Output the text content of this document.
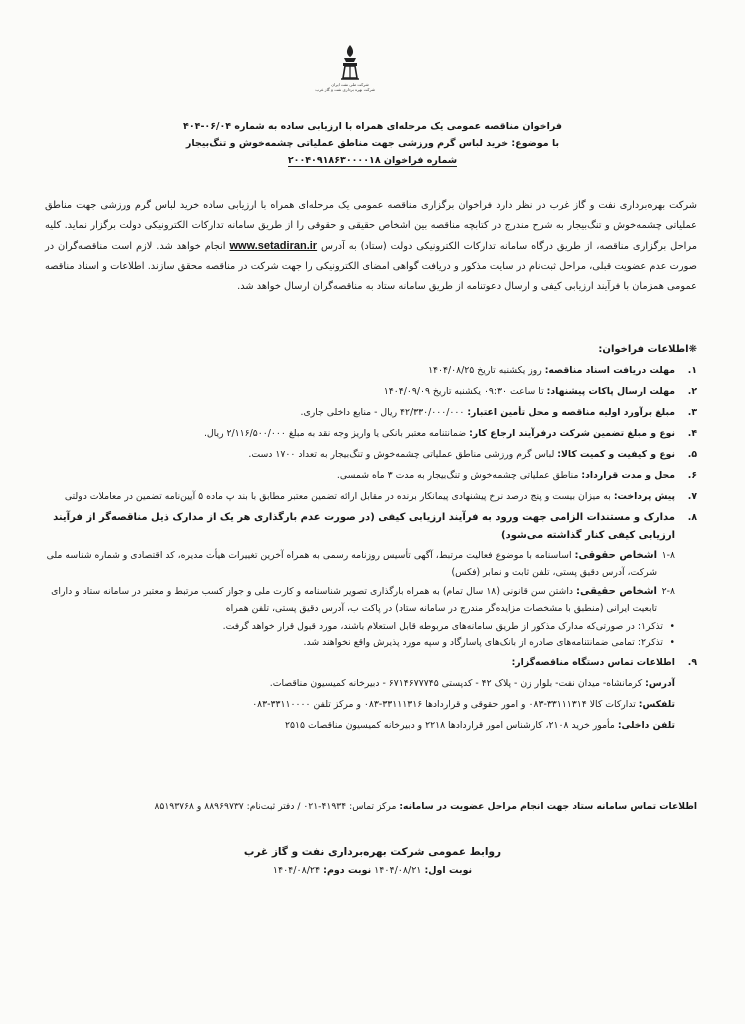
شرکت ملی نفت ایران
شرکت بهره برداری نفت و گاز غرب
فراخوان مناقصه عمومی یک مرحله‌ای همراه با ارزیابی ساده به شماره ۰۶/۰۴-۴۰۴
با موضوع: خرید لباس گرم ورزشی جهت مناطق عملیاتی چشمه‌خوش و تنگ‌بیجار
شماره فراخوان ۲۰۰۴۰۹۱۸۶۳۰۰۰۰۱۸
شرکت بهره‌برداری نفت و گاز غرب در نظر دارد فراخوان برگزاری مناقصه عمومی یک مرحله‌ای همراه با ارزیابی ساده خرید لباس گرم ورزشی جهت مناطق عملیاتی چشمه‌خوش و تنگ‌بیجار به شرح مندرج در کتابچه مناقصه بین اشخاص حقیقی و حقوقی را از طریق سامانه تدارکات الکترونیکی دولت برگزار نماید. کلیه مراحل برگزاری مناقصه، از طریق درگاه سامانه تدارکات الکترونیکی دولت (ستاد) به آدرس www.setadiran.ir انجام خواهد شد. لازم است مناقصه‌گران در صورت عدم عضویت قبلی، مراحل ثبت‌نام در سایت مذکور و دریافت گواهی امضای الکترونیکی را جهت شرکت در مناقصه محقق سازند. اطلاعات و اسناد مناقصه عمومی همزمان با فرآیند ارزیابی کیفی و ارسال دعوتنامه از طریق سامانه ستاد به مناقصه‌گران ارسال خواهد شد.
❋اطلاعات فراخوان:
۱.
مهلت دریافت اسناد مناقصه: روز یکشنبه تاریخ ۱۴۰۴/۰۸/۲۵
۲.
مهلت ارسال پاکات پیشنهاد: تا ساعت ۰۹:۳۰ یکشنبه تاریخ ۱۴۰۴/۰۹/۰۹
۳.
مبلغ برآورد اولیه مناقصه و محل تأمین اعتبار: ۴۲/۳۳۰/۰۰۰/۰۰۰ ریال - منابع داخلی جاری.
۴.
نوع و مبلغ تضمین شرکت درفرآیند ارجاع کار: ضمانتنامه معتبر بانکی یا واریز وجه نقد به مبلغ ۲/۱۱۶/۵۰۰/۰۰۰ ریال.
۵.
نوع و کیفیت و کمیت کالا: لباس گرم ورزشی مناطق عملیاتی چشمه‌خوش و تنگ‌بیجار به تعداد ۱۷۰۰ دست.
۶.
محل و مدت قرارداد: مناطق عملیاتی چشمه‌خوش و تنگ‌بیجار به مدت ۳ ماه شمسی.
۷.
پیش پرداخت: به میزان بیست و پنج درصد نرخ پیشنهادی پیمانکار برنده در مقابل ارائه تضمین معتبر مطابق با بند پ ماده ۵ آیین‌نامه تضمین در معاملات دولتی
۸.
مدارک و مستندات الزامی جهت ورود به فرآیند ارزیابی کیفی (در صورت عدم بارگذاری هر یک از مدارک ذیل مناقصه‌گر از فرآیند ارزیابی کیفی کنار گذاشته می‌شود)
۱-۸
اشخاص حقوقی: اساسنامه با موضوع فعالیت مرتبط، آگهی تأسیس روزنامه رسمی به همراه آخرین تغییرات هیأت مدیره، کد اقتصادی و شماره شناسه ملی شرکت، آدرس دقیق پستی، تلفن ثابت و نمابر (فکس)
۲-۸
اشخاص حقیقی: داشتن سن قانونی (۱۸ سال تمام) به همراه بارگذاری تصویر شناسنامه و کارت ملی و جواز کسب مرتبط و معتبر در سامانه ستاد و دارای تابعیت ایرانی (منطبق با مشخصات مزایده‌گر مندرج در سامانه ستاد) در پاکت ب، آدرس دقیق پستی، تلفن همراه
• تذکر۱: در صورتی‌که مدارک مذکور از طریق سامانه‌های مربوطه قابل استعلام باشند، مورد قبول قرار خواهد گرفت.
• تذکر۲: تمامی ضمانتنامه‌های صادره از بانک‌های پاسارگاد و سپه مورد پذیرش واقع نخواهند شد.
۹.
اطلاعات تماس دستگاه مناقصه‌گزار:
آدرس: کرمانشاه- میدان نفت- بلوار زن - پلاک ۴۲ - کدپستی ۶۷۱۴۶۷۷۷۴۵ - دبیرخانه کمیسیون مناقصات.
تلفکس: تدارکات کالا ۳۳۱۱۱۳۱۴-۰۸۳ و امور حقوقی و قراردادها ۳۳۱۱۱۳۱۶-۰۸۳ و مرکز تلفن ۳۳۱۱۰۰۰۰-۰۸۳
تلفن داخلی: مأمور خرید ۲۱۰۸، کارشناس امور قراردادها ۲۲۱۸ و دبیرخانه کمیسیون مناقصات ۲۵۱۵
اطلاعات تماس سامانه ستاد جهت انجام مراحل عضویت در سامانه: مرکز تماس: ۴۱۹۳۴-۰۲۱ / دفتر ثبت‌نام: ۸۸۹۶۹۷۳۷ و ۸۵۱۹۳۷۶۸
روابط عمومی شرکت بهره‌برداری نفت و گاز غرب
نوبت اول: ۱۴۰۴/۰۸/۲۱ نوبت دوم: ۱۴۰۴/۰۸/۲۴
